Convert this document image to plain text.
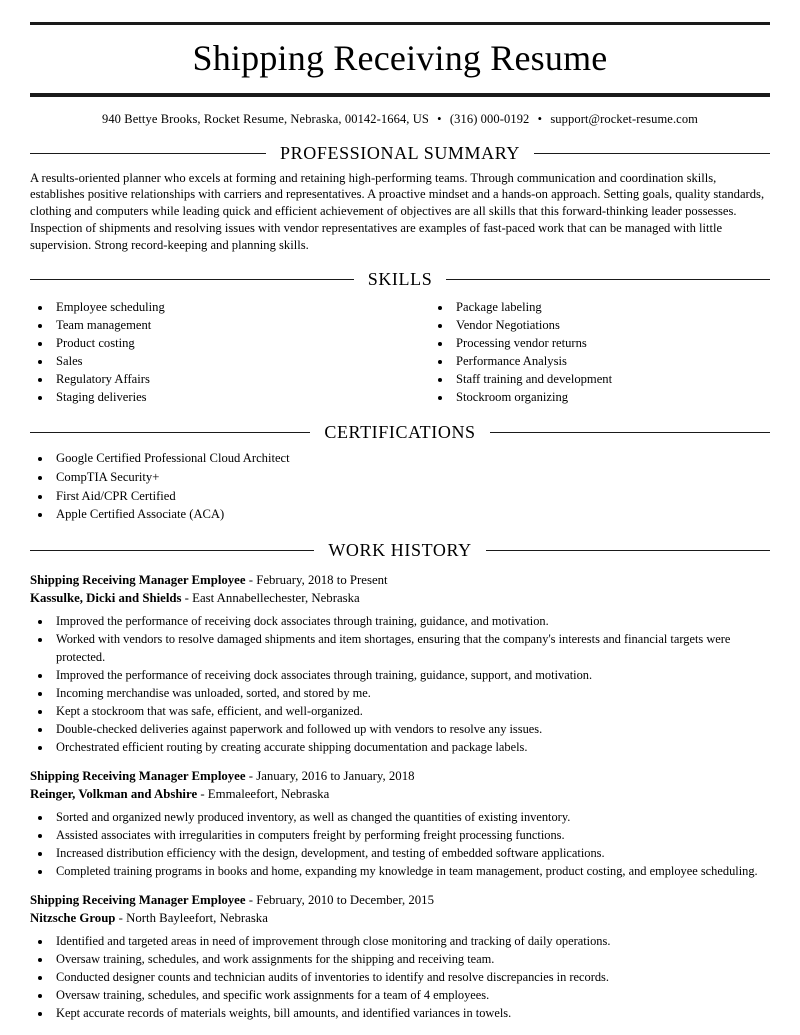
Shipping Receiving Resume
940 Bettye Brooks, Rocket Resume, Nebraska, 00142-1664, US • (316) 000-0192 • support@rocket-resume.com
PROFESSIONAL SUMMARY

A results-oriented planner who excels at forming and retaining high-performing teams. Through communication and coordination skills, establishes positive relationships with carriers and representatives. A proactive mindset and a hands-on approach. Setting goals, quality standards, clothing and computers while leading quick and efficient achievement of objectives are all skills that this forward-thinking leader possesses. Inspection of shipments and resolving issues with vendor representatives are examples of fast-paced work that can be managed with little supervision. Strong record-keeping and planning skills.

SKILLS
• Employee scheduling
• Team management
• Product costing
• Sales
• Regulatory Affairs
• Staging deliveries
• Package labeling
• Vendor Negotiations
• Processing vendor returns
• Performance Analysis
• Staff training and development
• Stockroom organizing
CERTIFICATIONS
• Google Certified Professional Cloud Architect
• CompTIA Security+
• First Aid/CPR Certified
• Apple Certified Associate (ACA)
WORK HISTORY
Shipping Receiving Manager Employee - February, 2018 to Present
Kassulke, Dicki and Shields - East Annabellechester, Nebraska
• Improved the performance of receiving dock associates through training, guidance, and motivation.
• Worked with vendors to resolve damaged shipments and item shortages, ensuring that the company's interests and financial targets were protected.
• Improved the performance of receiving dock associates through training, guidance, support, and motivation.
• Incoming merchandise was unloaded, sorted, and stored by me.
• Kept a stockroom that was safe, efficient, and well-organized.
• Double-checked deliveries against paperwork and followed up with vendors to resolve any issues.
• Orchestrated efficient routing by creating accurate shipping documentation and package labels.
Shipping Receiving Manager Employee - January, 2016 to January, 2018
Reinger, Volkman and Abshire - Emmaleefort, Nebraska
• Sorted and organized newly produced inventory, as well as changed the quantities of existing inventory.
• Assisted associates with irregularities in computers freight by performing freight processing functions.
• Increased distribution efficiency with the design, development, and testing of embedded software applications.
• Completed training programs in books and home, expanding my knowledge in team management, product costing, and employee scheduling.
Shipping Receiving Manager Employee - February, 2010 to December, 2015
Nitzsche Group - North Bayleefort, Nebraska
• Identified and targeted areas in need of improvement through close monitoring and tracking of daily operations.
• Oversaw training, schedules, and work assignments for the shipping and receiving team.
• Conducted designer counts and technician audits of inventories to identify and resolve discrepancies in records.
• Oversaw training, schedules, and specific work assignments for a team of 4 employees.
• Kept accurate records of materials weights, bill amounts, and identified variances in towels.
